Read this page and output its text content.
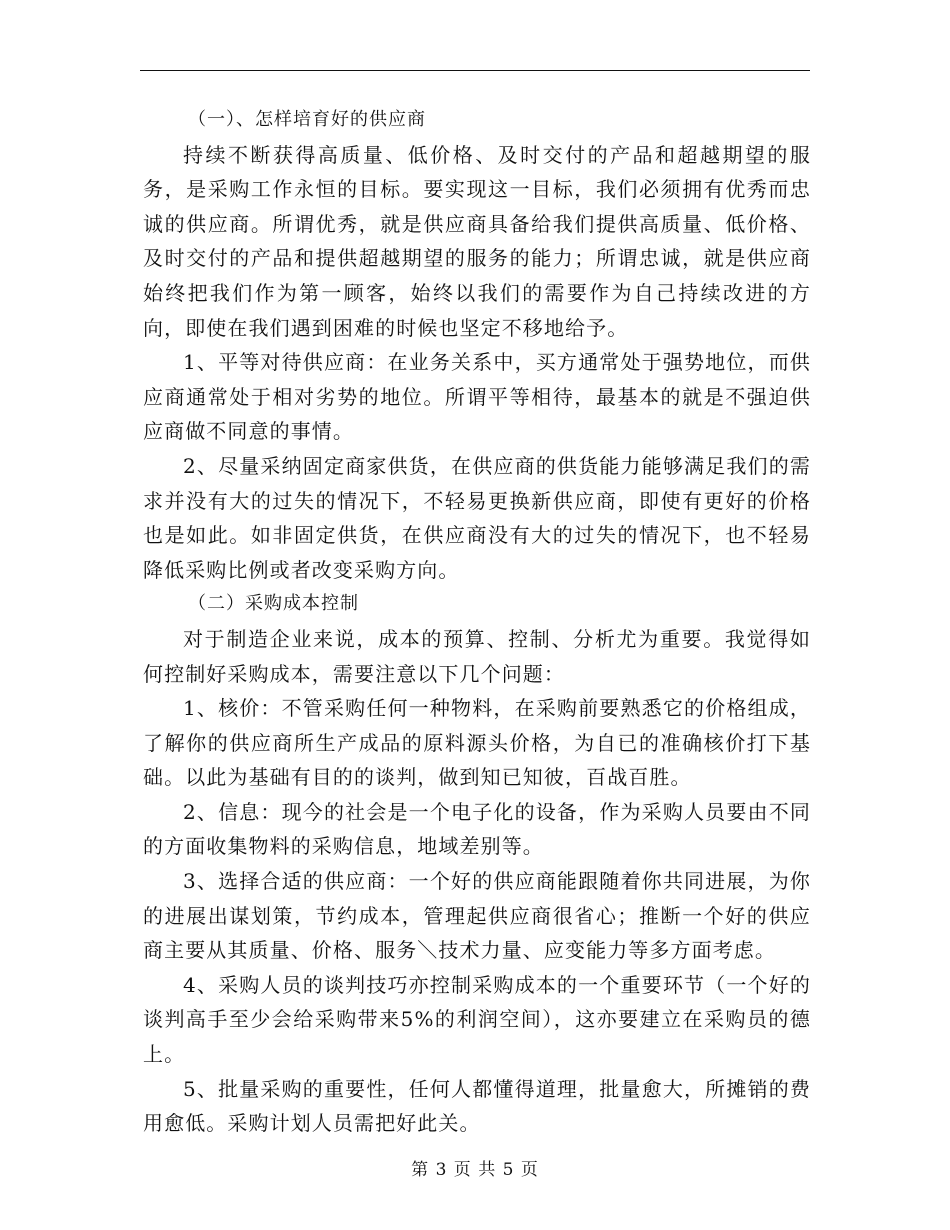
（一）、怎样培育好的供应商

持续不断获得高质量、低价格、及时交付的产品和超越期望的服务，是采购工作永恒的目标。要实现这一目标，我们必须拥有优秀而忠诚的供应商。所谓优秀，就是供应商具备给我们提供高质量、低价格、及时交付的产品和提供超越期望的服务的能力；所谓忠诚，就是供应商始终把我们作为第一顾客，始终以我们的需要作为自己持续改进的方向，即使在我们遇到困难的时候也坚定不移地给予。

1、平等对待供应商：在业务关系中，买方通常处于强势地位，而供应商通常处于相对劣势的地位。所谓平等相待，最基本的就是不强迫供应商做不同意的事情。

2、尽量采纳固定商家供货，在供应商的供货能力能够满足我们的需求并没有大的过失的情况下，不轻易更换新供应商，即使有更好的价格也是如此。如非固定供货，在供应商没有大的过失的情况下，也不轻易降低采购比例或者改变采购方向。

（二）采购成本控制

对于制造企业来说，成本的预算、控制、分析尤为重要。我觉得如何控制好采购成本，需要注意以下几个问题：

1、核价：不管采购任何一种物料，在采购前要熟悉它的价格组成，了解你的供应商所生产成品的原料源头价格，为自已的准确核价打下基础。以此为基础有目的的谈判，做到知已知彼，百战百胜。

2、信息：现今的社会是一个电子化的设备，作为采购人员要由不同的方面收集物料的采购信息，地域差别等。

3、选择合适的供应商：一个好的供应商能跟随着你共同进展，为你的进展出谋划策，节约成本，管理起供应商很省心；推断一个好的供应商主要从其质量、价格、服务＼技术力量、应变能力等多方面考虑。

4、采购人员的谈判技巧亦控制采购成本的一个重要环节（一个好的谈判高手至少会给采购带来5%的利润空间），这亦要建立在采购员的德上。

5、批量采购的重要性，任何人都懂得道理，批量愈大，所摊销的费用愈低。采购计划人员需把好此关。

第 3 页 共 5 页
